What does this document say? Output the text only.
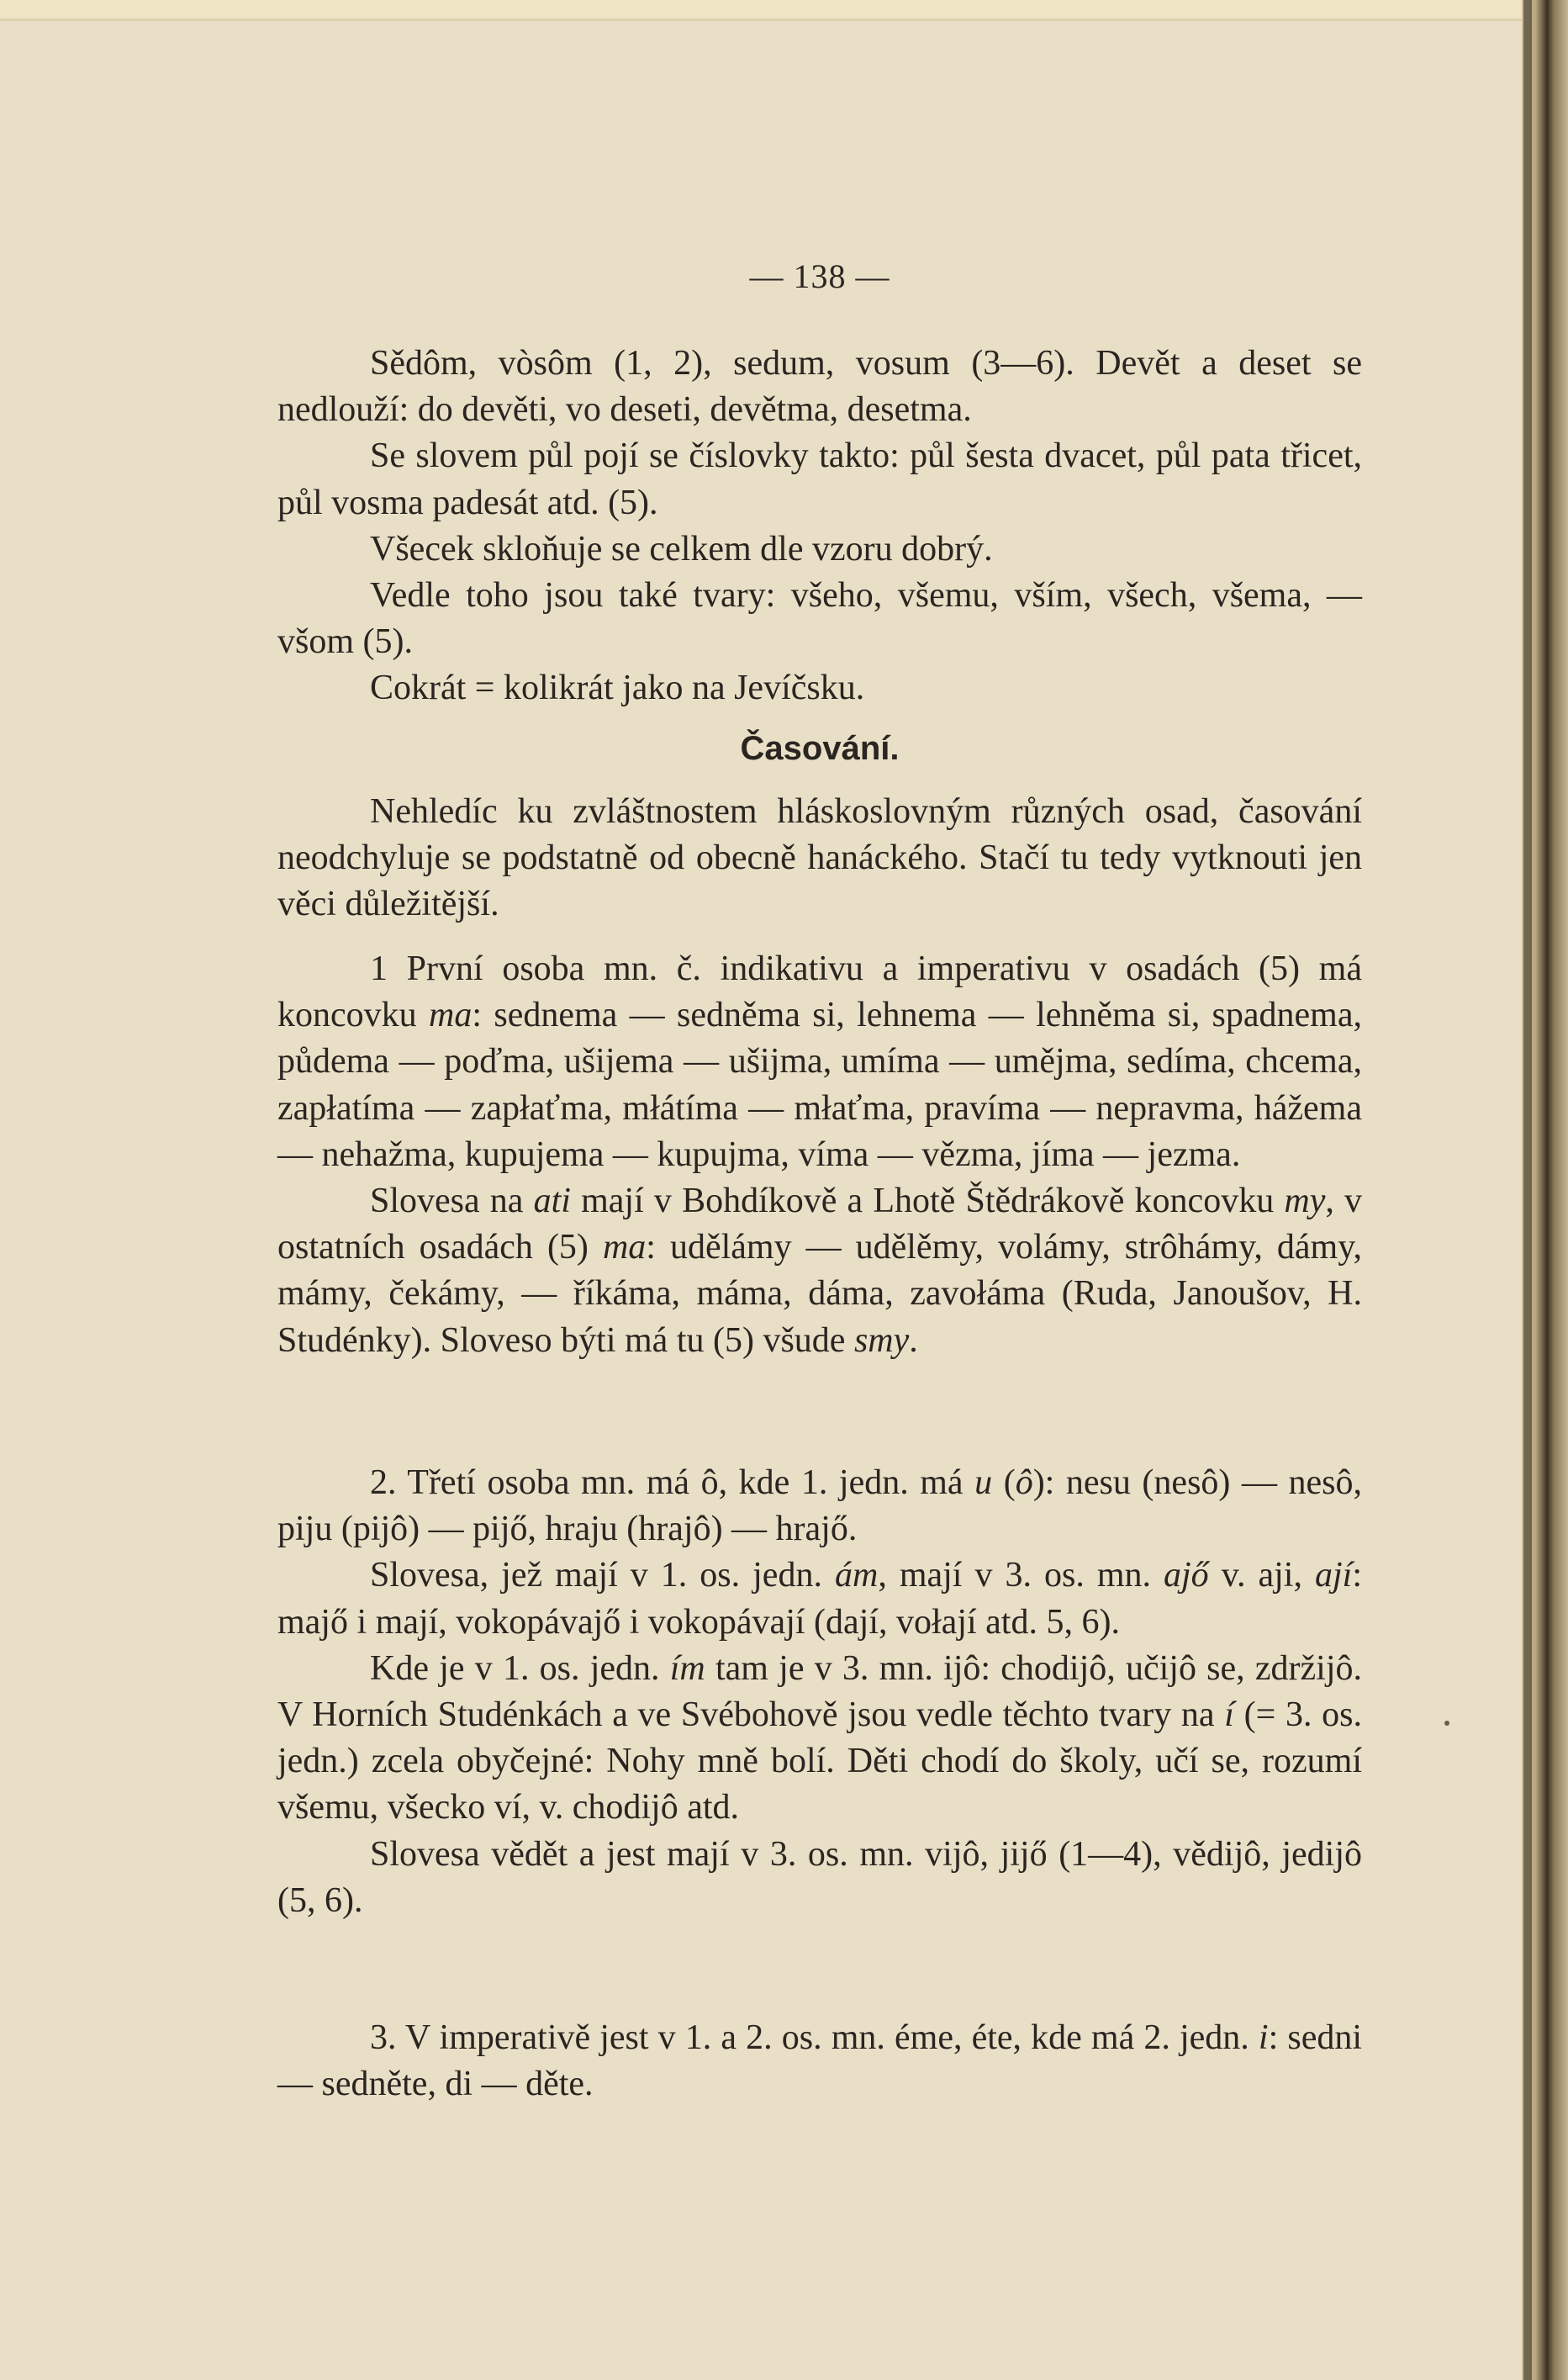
— 138 —
Sědôm, vòsôm (1, 2), sedum, vosum (3—6). Devět a deset se nedlouží: do devěti, vo deseti, devětma, desetma.
Se slovem půl pojí se číslovky takto: půl šesta dvacet, půl pata třicet, půl vosma padesát atd. (5).
Všecek skloňuje se celkem dle vzoru dobrý.
Vedle toho jsou také tvary: všeho, všemu, vším, všech, všema, — všom (5).
Cokrát = kolikrát jako na Jevíčsku.
Časování.
Nehledíc ku zvláštnostem hláskoslovným různých osad, časování neodchyluje se podstatně od obecně hanáckého. Stačí tu tedy vytknouti jen věci důležitější.
1 První osoba mn. č. indikativu a imperativu v osadách (5) má koncovku ma: sednema — sedněma si, lehnema — lehněma si, spadnema, půdema — poďma, ušijema — ušijma, umíma — umějma, sedíma, chcema, zapłatíma — zapłaťma, młátíma — młaťma, pravíma — nepravma, hážema — nehažma, kupujema — kupujma, víma — vězma, jíma — jezma.
Slovesa na ati mají v Bohdíkově a Lhotě Štědrákově koncovku my, v ostatních osadách (5) ma: udělámy — udělěmy, volámy, strôhámy, dámy, mámy, čekámy, — říkáma, máma, dáma, zavołáma (Ruda, Janoušov, H. Studénky). Sloveso býti má tu (5) všude smy.
2. Třetí osoba mn. má ô, kde 1. jedn. má u (ô): nesu (nesô) — nesô, piju (pijô) — pijő, hraju (hrajô) — hrajő.
Slovesa, jež mají v 1. os. jedn. ám, mají v 3. os. mn. ajő v. aji, ají: majő i mají, vokopávajő i vokopávají (dají, vołají atd. 5, 6).
Kde je v 1. os. jedn. ím tam je v 3. mn. ijô: chodijô, učijô se, zdržijô. V Horních Studénkách a ve Svébohově jsou vedle těchto tvary na í (= 3. os. jedn.) zcela obyčejné: Nohy mně bolí. Děti chodí do školy, učí se, rozumí všemu, všecko ví, v. chodijô atd.
Slovesa vědět a jest mají v 3. os. mn. vijô, jijő (1—4), vědijô, jedijô (5, 6).
3. V imperativě jest v 1. a 2. os. mn. éme, éte, kde má 2. jedn. i: sedni — sedněte, di — děte.
